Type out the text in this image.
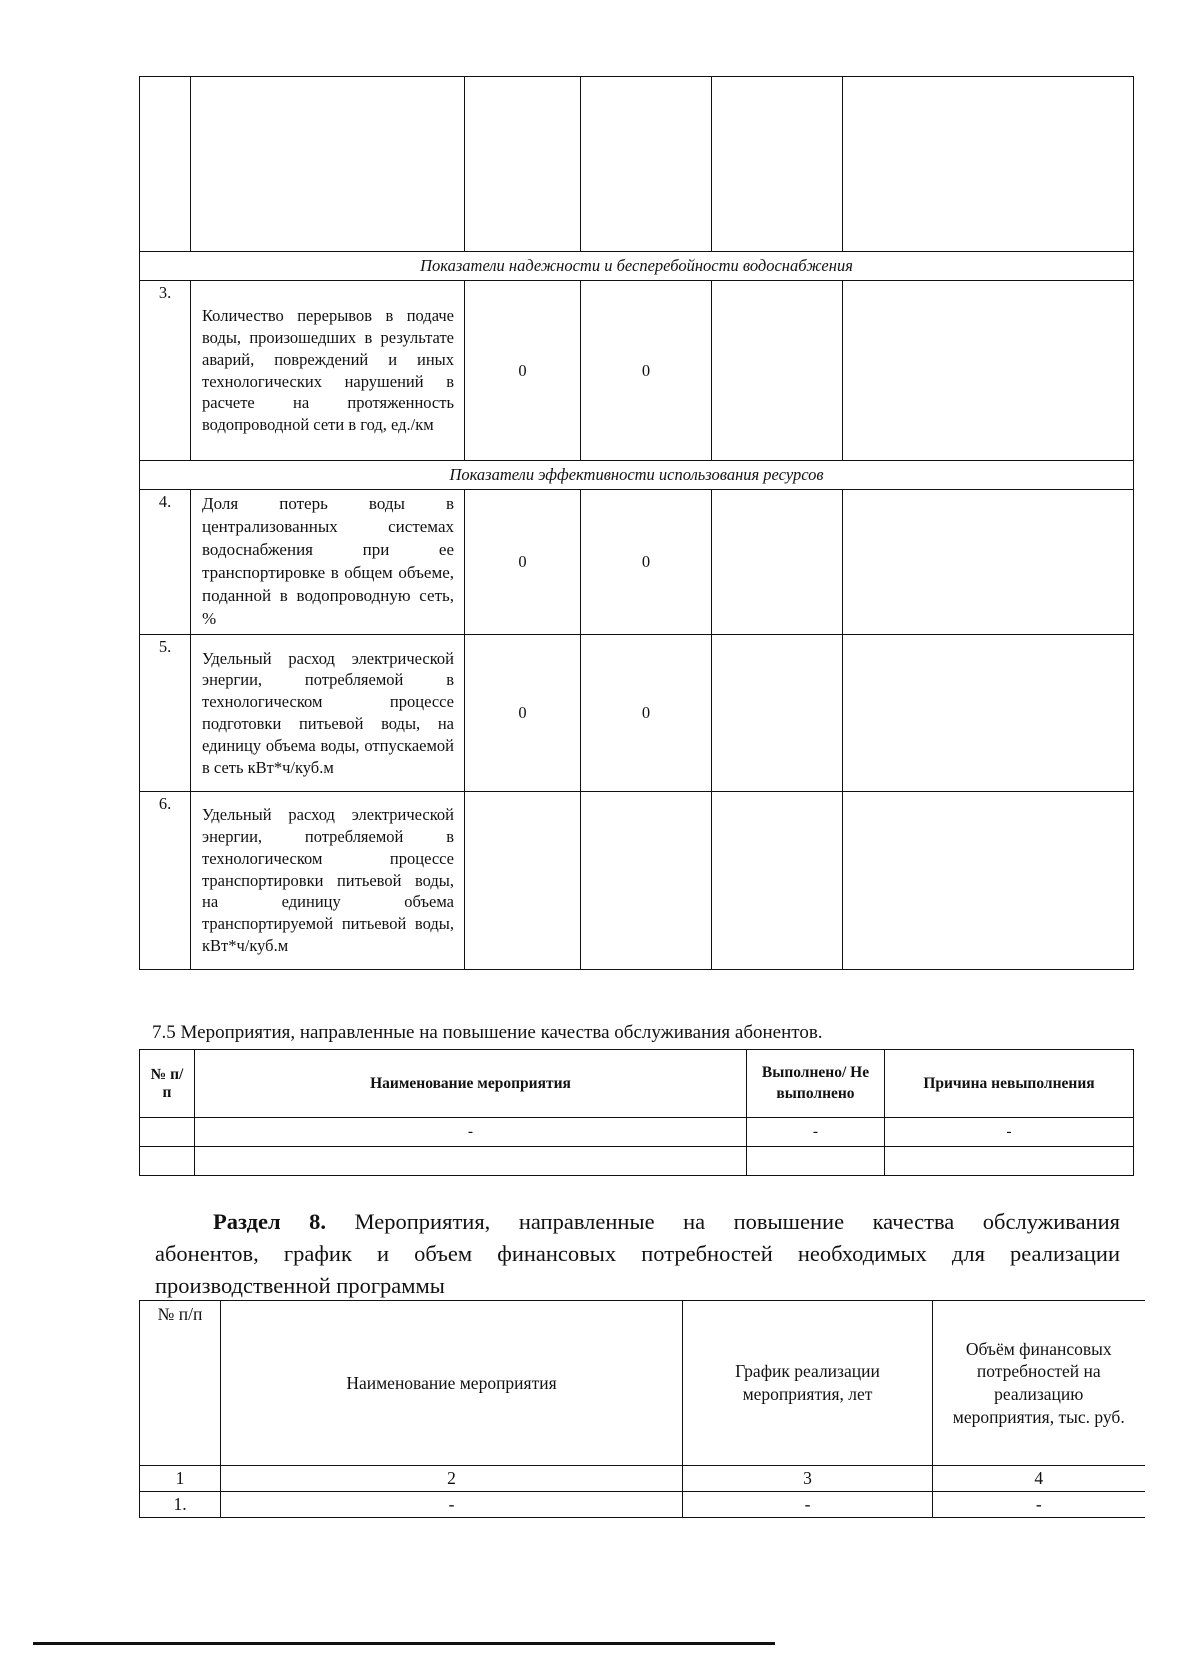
Показатели надежности и бесперебойности водоснабжения					
3.	Количество перерывов в подаче воды, произошедших в результате аварий, повреждений и иных технологических нарушений в расчете на протяженность водопроводной сети в год, ед./км	0	0		
Показатели эффективности использования ресурсов					
4.	Доля потерь воды в централизованных системах водоснабжения при ее транспортировке в общем объеме, поданной в водопроводную сеть, %	0	0		
5.	Удельный расход электрической энергии, потребляемой в технологическом процессе подготовки питьевой воды, на единицу объема воды, отпускаемой в сеть кВт*ч/куб.м	0	0		
6.	Удельный расход электрической энергии, потребляемой в технологическом процессе транспортировки питьевой воды, на единицу объема транспортируемой питьевой воды, кВт*ч/куб.м				
7.5 Мероприятия, направленные на повышение качества обслуживания абонентов.
№ п/п	Наименование мероприятия	Выполнено/ Не выполнено	Причина невыполнения
	-	-	-

Раздел 8. Мероприятия, направленные на повышение качества обслуживания
абонентов, график и объем финансовых потребностей необходимых для реализации
производственной программы
№ п/п	Наименование мероприятия	График реализации мероприятия, лет	Объём финансовых потребностей на реализацию мероприятия, тыс. руб.
1	2	3	4
1.	-	-	-
